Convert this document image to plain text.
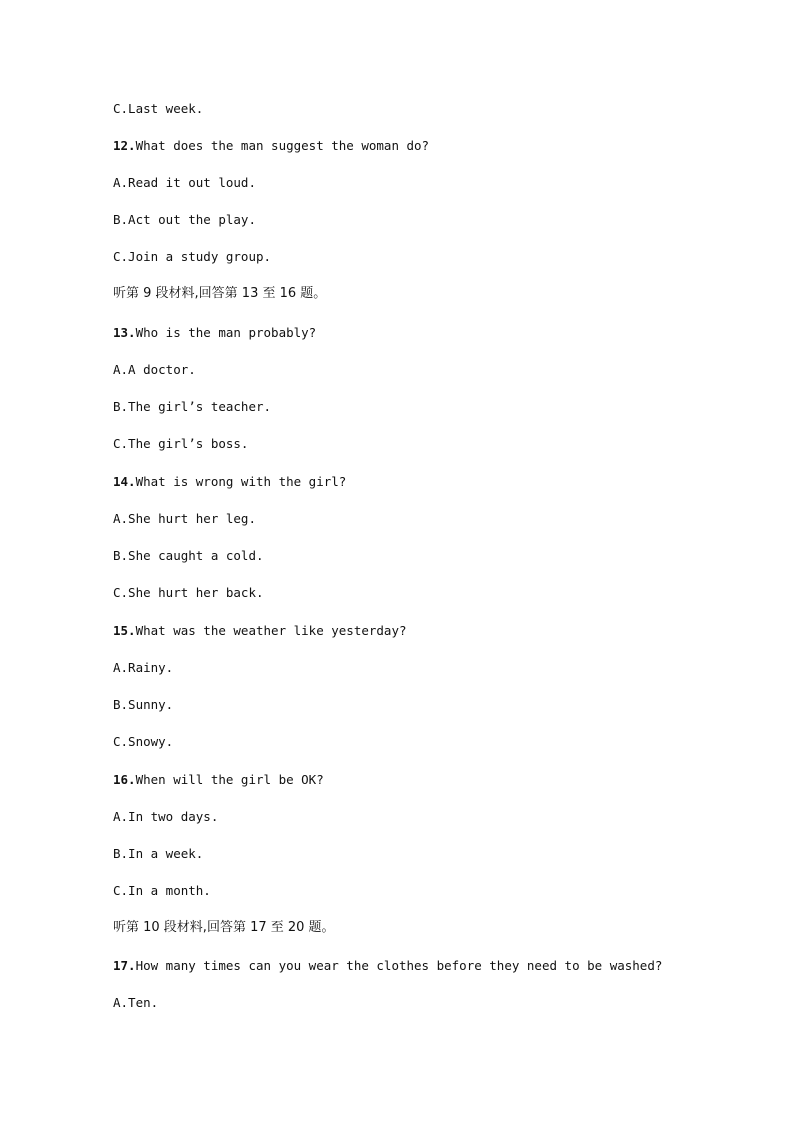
C.Last week.
12.What does the man suggest the woman do?
A.Read it out loud.
B.Act out the play.
C.Join a study group.
听第 9 段材料,回答第 13 至 16 题。
13.Who is the man probably?
A.A doctor.
B.The girl’s teacher.
C.The girl’s boss.
14.What is wrong with the girl?
A.She hurt her leg.
B.She caught a cold.
C.She hurt her back.
15.What was the weather like yesterday?
A.Rainy.
B.Sunny.
C.Snowy.
16.When will the girl be OK?
A.In two days.
B.In a week.
C.In a month.
听第 10 段材料,回答第 17 至 20 题。
17.How many times can you wear the clothes before they need to be washed?
A.Ten.
